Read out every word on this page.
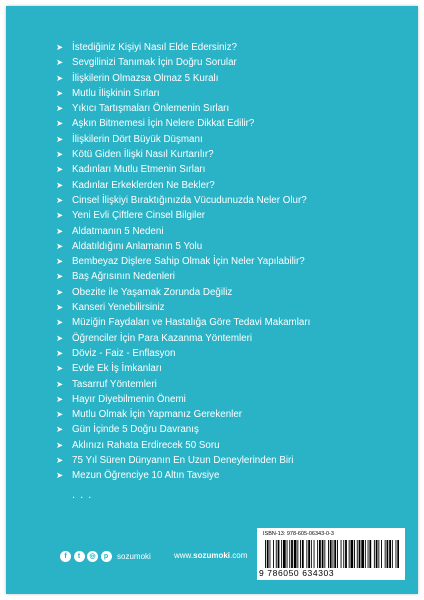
➤ İstediğiniz Kişiyi Nasıl Elde Edersiniz?
➤ Sevgilinizi Tanımak İçin Doğru Sorular
➤ İlişkilerin Olmazsa Olmaz 5 Kuralı
➤ Mutlu İlişkinin Sırları
➤ Yıkıcı Tartışmaları Önlemenin Sırları
➤ Aşkın Bitmemesi İçin Nelere Dikkat Edilir?
➤ İlişkilerin Dört Büyük Düşmanı
➤ Kötü Giden İlişki Nasıl Kurtarılır?
➤ Kadınları Mutlu Etmenin Sırları
➤ Kadınlar Erkeklerden Ne Bekler?
➤ Cinsel İlişkiyi Bıraktığınızda Vücudunuzda Neler Olur?
➤ Yeni Evli Çiftlere Cinsel Bilgiler
➤ Aldatmanın 5 Nedeni
➤ Aldatıldığını Anlamanın 5 Yolu
➤ Bembeyaz Dişlere Sahip Olmak İçin Neler Yapılabilir?
➤ Baş Ağrısının Nedenleri
➤ Obezite ile Yaşamak Zorunda Değiliz
➤ Kanseri Yenebilirsiniz
➤ Müziğin Faydaları ve Hastalığa Göre Tedavi Makamları
➤ Öğrenciler İçin Para Kazanma Yöntemleri
➤ Döviz - Faiz - Enflasyon
➤ Evde Ek İş İmkanları
➤ Tasarruf Yöntemleri
➤ Hayır Diyebilmenin Önemi
➤ Mutlu Olmak İçin Yapmanız Gerekenler
➤ Gün İçinde 5 Doğru Davranış
➤ Aklınızı Rahata Erdirecek 50 Soru
➤ 75 Yıl Süren Dünyanın En Uzun Deneylerinden Biri
➤ Mezun Öğrenciye 10 Altın Tavsiye
. . .
f	t	◎	p	sozumoki	www.sozumoki.com
ISBN-13: 978-605-06343-0-3
9 786050 634303
